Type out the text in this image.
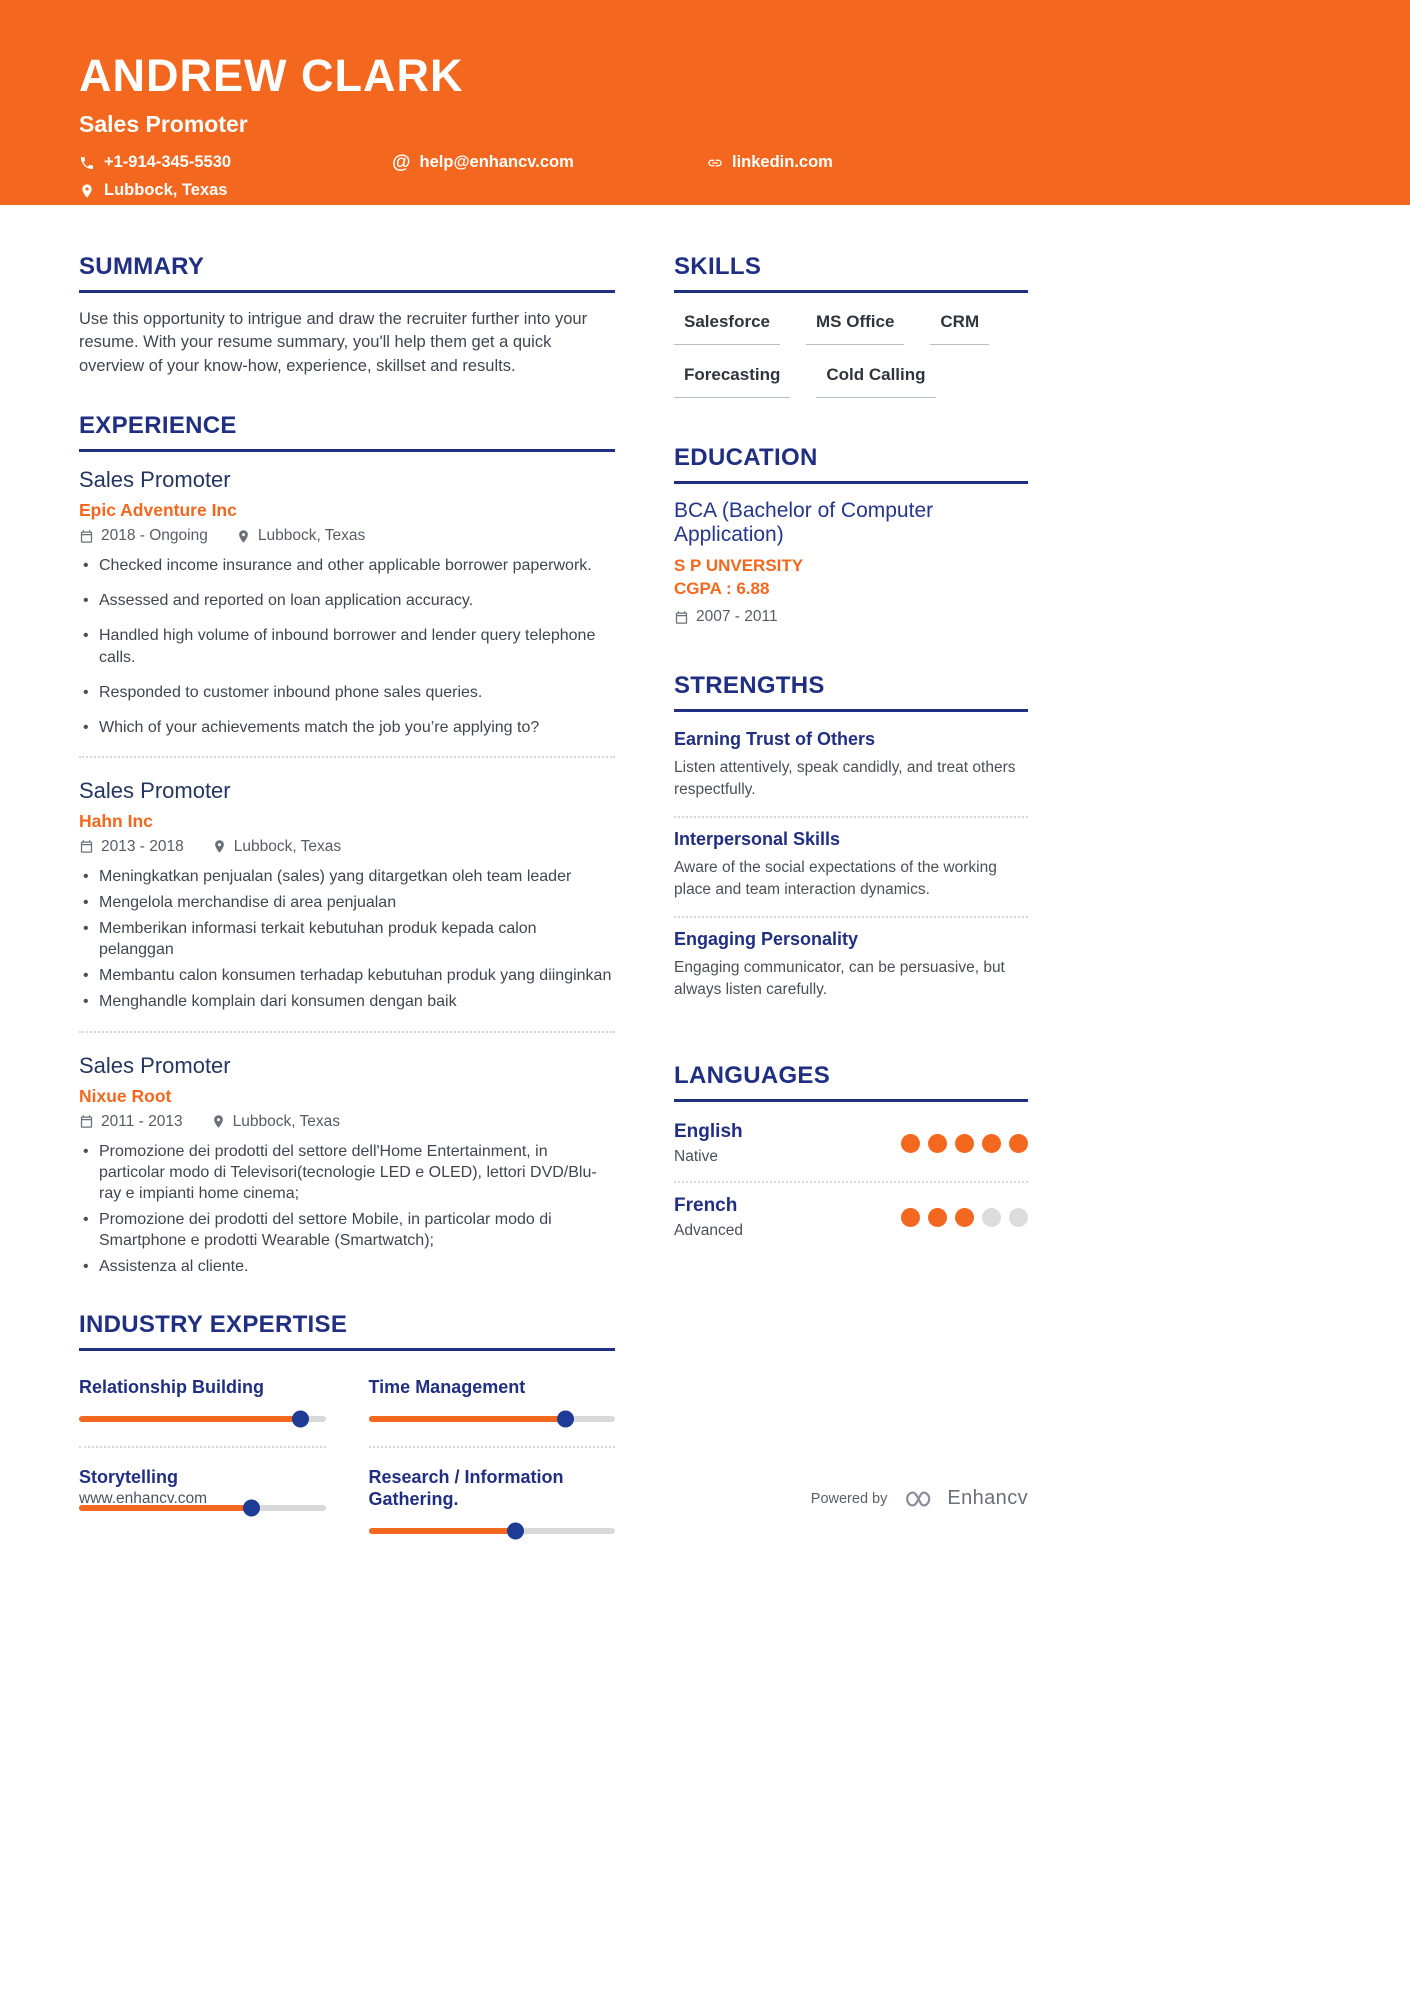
ANDREW CLARK
Sales Promoter
+1-914-345-5530	@ help@enhancv.com	linkedin.com
Lubbock, Texas
SUMMARY

Use this opportunity to intrigue and draw the recruiter further into your resume. With your resume summary, you'll help them get a quick overview of your know-how, experience, skillset and results.

EXPERIENCE
Sales Promoter
Epic Adventure Inc
2018 - Ongoing	Lubbock, Texas
• Checked income insurance and other applicable borrower paperwork.
• Assessed and reported on loan application accuracy.
• Handled high volume of inbound borrower and lender query telephone calls.
• Responded to customer inbound phone sales queries.
• Which of your achievements match the job you’re applying to?
Sales Promoter
Hahn Inc
2013 - 2018	Lubbock, Texas
• Meningkatkan penjualan (sales) yang ditargetkan oleh team leader
• Mengelola merchandise di area penjualan
• Memberikan informasi terkait kebutuhan produk kepada calon pelanggan
• Membantu calon konsumen terhadap kebutuhan produk yang diinginkan
• Menghandle komplain dari konsumen dengan baik
Sales Promoter
Nixue Root
2011 - 2013	Lubbock, Texas
• Promozione dei prodotti del settore dell'Home Entertainment, in particolar modo di Televisori(tecnologie LED e OLED), lettori DVD/Blu-ray e impianti home cinema;
• Promozione dei prodotti del settore Mobile, in particolar modo di Smartphone e prodotti Wearable (Smartwatch);
• Assistenza al cliente.
INDUSTRY EXPERTISE
Relationship Building	Time Management
Storytelling	Research / Information Gathering.
SKILLS
Salesforce	MS Office	CRM
Forecasting	Cold Calling
EDUCATION
BCA (Bachelor of Computer Application)
S P UNVERSITY
CGPA : 6.88
2007 - 2011
STRENGTHS
Earning Trust of Others

Listen attentively, speak candidly, and treat others respectfully.

Interpersonal Skills

Aware of the social expectations of the working place and team interaction dynamics.

Engaging Personality

Engaging communicator, can be persuasive, but always listen carefully.

LANGUAGES
English
Native
French
Advanced
www.enhancv.com	Powered by	Enhancv
